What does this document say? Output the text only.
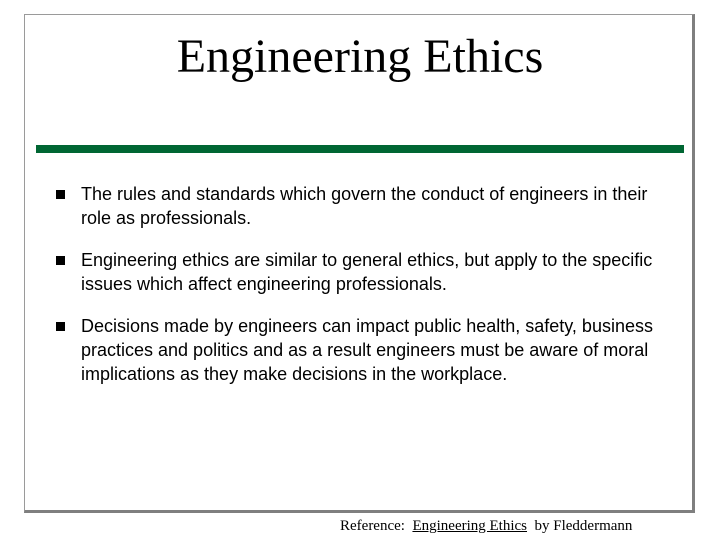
Engineering Ethics
The rules and standards which govern the conduct of engineers in their role as professionals.
Engineering ethics are similar to general ethics, but apply to the specific issues which affect engineering professionals.
Decisions made by engineers can impact public health, safety, business practices and politics and as a result engineers must be aware of moral implications as they make decisions in the workplace.
Reference: Engineering Ethics by Fleddermann
